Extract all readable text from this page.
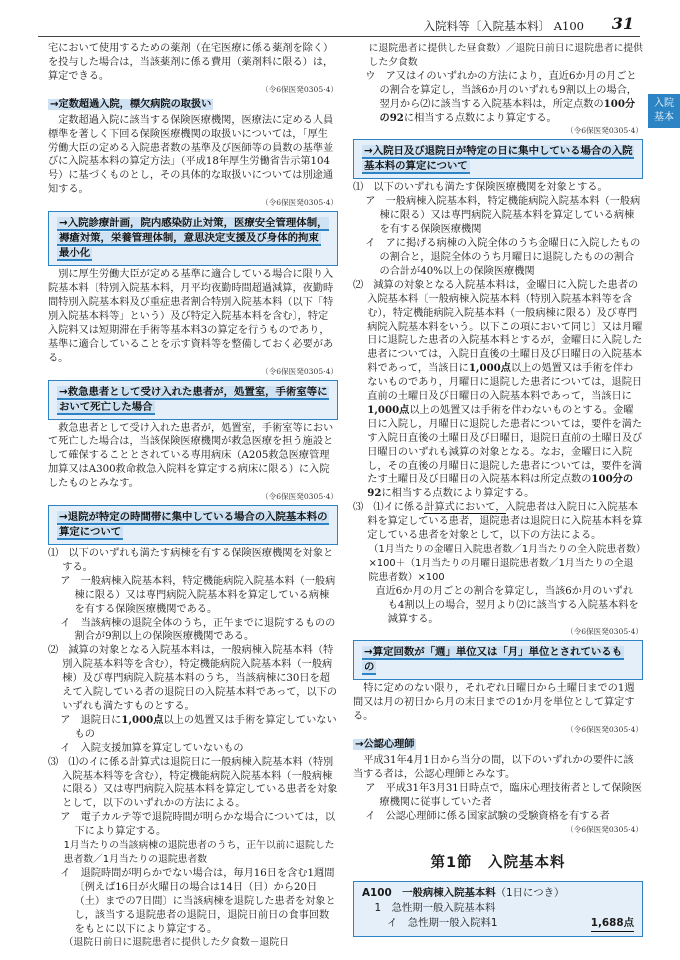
入院料等〔入院基本料〕 A100 31
入院
基本

宅において使用するための薬剤（在宅医療に係る薬剤を除く）を投与した場合は，当該薬剤に係る費用（薬剤料に限る）は，算定できる。

（令6保医発0305·4）

→定数超過入院，標欠病院の取扱い

定数超過入院に該当する保険医療機関，医療法に定める人員標準を著しく下回る保険医療機関の取扱いについては，「厚生労働大臣の定める入院患者数の基準及び医師等の員数の基準並びに入院基本料の算定方法」（平成18年厚生労働省告示第104号）に基づくものとし，その具体的な取扱いについては別途通知する。

（令6保医発0305·4）

→入院診療計画，院内感染防止対策，医療安全管理体制，褥瘡対策，栄養管理体制，意思決定支援及び身体的拘束最小化

別に厚生労働大臣が定める基準に適合している場合に限り入院基本料〔特別入院基本料，月平均夜勤時間超過減算，夜勤時間特別入院基本料及び重症患者割合特別入院基本料（以下「特別入院基本料等」という）及び特定入院基本料を含む〕，特定入院料又は短期滞在手術等基本料3の算定を行うものであり，基準に適合していることを示す資料等を整備しておく必要がある。

（令6保医発0305·4）

→救急患者として受け入れた患者が，処置室，手術室等において死亡した場合

救急患者として受け入れた患者が，処置室，手術室等において死亡した場合は，当該保険医療機関が救急医療を担う施設として確保することとされている専用病床（A205救急医療管理加算又はA300救命救急入院料を算定する病床に限る）に入院したものとみなす。

（令6保医発0305·4）

→退院が特定の時間帯に集中している場合の入院基本料の算定について

⑴　以下のいずれも満たす病棟を有する保険医療機関を対象とする。

ア　一般病棟入院基本料，特定機能病院入院基本料（一般病棟に限る）又は専門病院入院基本料を算定している病棟を有する保険医療機関である。

イ　当該病棟の退院全体のうち，正午までに退院するものの割合が9割以上の保険医療機関である。

⑵　減算の対象となる入院基本料は，一般病棟入院基本料（特別入院基本料等を含む），特定機能病院入院基本料（一般病棟）及び専門病院入院基本料のうち，当該病棟に30日を超えて入院している者の退院日の入院基本料であって，以下のいずれも満たすものとする。

ア　退院日に1,000点以上の処置又は手術を算定していないもの

イ　入院支援加算を算定していないもの

⑶　⑴のイに係る計算式は退院日に一般病棟入院基本料（特別入院基本料等を含む），特定機能病院入院基本料（一般病棟に限る）又は専門病院入院基本料を算定している患者を対象として，以下のいずれかの方法による。

ア　電子カルテ等で退院時間が明らかな場合については，以下により算定する。

1月当たりの当該病棟の退院患者のうち，正午以前に退院した患者数／1月当たりの退院患者数

イ　退院時間が明らかでない場合は，毎月16日を含む1週間〔例えば16日が火曜日の場合は14日（日）から20日（土）までの7日間〕に当該病棟を退院した患者を対象とし，該当する退院患者の退院日，退院日前日の食事回数をもとに以下により算定する。

（退院日前日に退院患者に提供した夕食数－退院日

に退院患者に提供した昼食数）／退院日前日に退院患者に提供した夕食数

ウ　ア又はイのいずれかの方法により，直近6か月の月ごとの割合を算定し，当該6か月のいずれも9割以上の場合，翌月から⑵に該当する入院基本料は，所定点数の100分の92に相当する点数により算定する。

（令6保医発0305·4）

→入院日及び退院日が特定の日に集中している場合の入院基本料の算定について

⑴　以下のいずれも満たす保険医療機関を対象とする。

ア　一般病棟入院基本料，特定機能病院入院基本料（一般病棟に限る）又は専門病院入院基本料を算定している病棟を有する保険医療機関

イ　アに掲げる病棟の入院全体のうち金曜日に入院したものの割合と，退院全体のうち月曜日に退院したものの割合の合計が40%以上の保険医療機関

⑵　減算の対象となる入院基本料は，金曜日に入院した患者の入院基本料〔一般病棟入院基本料（特別入院基本料等を含む），特定機能病院入院基本料（一般病棟に限る）及び専門病院入院基本料をいう。以下この項において同じ〕又は月曜日に退院した患者の入院基本料とするが，金曜日に入院した患者については，入院日直後の土曜日及び日曜日の入院基本料であって，当該日に1,000点以上の処置又は手術を伴わないものであり，月曜日に退院した患者については，退院日直前の土曜日及び日曜日の入院基本料であって，当該日に1,000点以上の処置又は手術を伴わないものとする。金曜日に入院し，月曜日に退院した患者については，要件を満たす入院日直後の土曜日及び日曜日，退院日直前の土曜日及び日曜日のいずれも減算の対象となる。なお，金曜日に入院し，その直後の月曜日に退院した患者については，要件を満たす土曜日及び日曜日の入院基本料は所定点数の100分の92に相当する点数により算定する。

⑶　⑴イに係る計算式において，入院患者は入院日に入院基本料を算定している患者，退院患者は退院日に入院基本料を算定している患者を対象として，以下の方法による。

（1月当たりの金曜日入院患者数／1月当たりの全入院患者数）×100＋（1月当たりの月曜日退院患者数／1月当たりの全退院患者数）×100

直近6か月の月ごとの割合を算定し，当該6か月のいずれも4割以上の場合，翌月より⑵に該当する入院基本料を減算する。

（令6保医発0305·4）

→算定回数が「週」単位又は「月」単位とされているもの

特に定めのない限り，それぞれ日曜日から土曜日までの1週間又は月の初日から月の末日までの1か月を単位として算定する。

（令6保医発0305·4）

→公認心理師

平成31年4月1日から当分の間，以下のいずれかの要件に該当する者は，公認心理師とみなす。

ア　平成31年3月31日時点で，臨床心理技術者として保険医療機関に従事していた者

イ　公認心理師に係る国家試験の受験資格を有する者

（令6保医発0305·4）

第1節　入院基本料

A100　一般病棟入院基本料（1日につき）

1　急性期一般入院基本料

イ　急性期一般入院料1	1,688点
